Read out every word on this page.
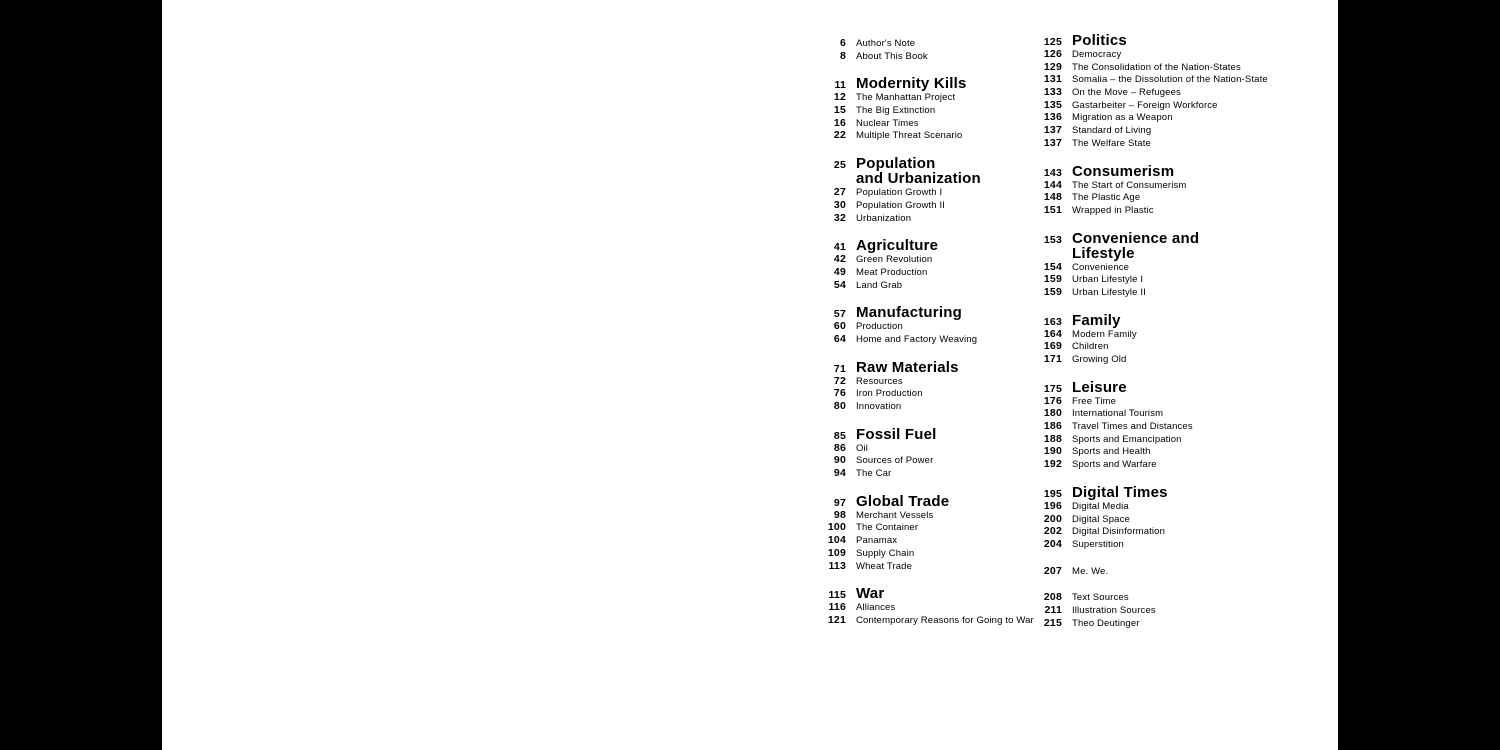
6 Author's Note
8 About This Book
11 Modernity Kills
12 The Manhattan Project
15 The Big Extinction
16 Nuclear Times
22 Multiple Threat Scenario
25 Population
and Urbanization
27 Population Growth I
30 Population Growth II
32 Urbanization
41 Agriculture
42 Green Revolution
49 Meat Production
54 Land Grab
57 Manufacturing
60 Production
64 Home and Factory Weaving
71 Raw Materials
72 Resources
76 Iron Production
80 Innovation
85 Fossil Fuel
86 Oil
90 Sources of Power
94 The Car
97 Global Trade
98 Merchant Vessels
100 The Container
104 Panamax
109 Supply Chain
113 Wheat Trade
115 War
116 Alliances
121 Contemporary Reasons for Going to War
125 Politics
126 Democracy
129 The Consolidation of the Nation-States
131 Somalia – the Dissolution of the Nation-State
133 On the Move – Refugees
135 Gastarbeiter – Foreign Workforce
136 Migration as a Weapon
137 Standard of Living
137 The Welfare State
143 Consumerism
144 The Start of Consumerism
148 The Plastic Age
151 Wrapped in Plastic
153 Convenience and
Lifestyle
154 Convenience
159 Urban Lifestyle I
159 Urban Lifestyle II
163 Family
164 Modern Family
169 Children
171 Growing Old
175 Leisure
176 Free Time
180 International Tourism
186 Travel Times and Distances
188 Sports and Emancipation
190 Sports and Health
192 Sports and Warfare
195 Digital Times
196 Digital Media
200 Digital Space
202 Digital Disinformation
204 Superstition
207 Me. We.
208 Text Sources
211 Illustration Sources
215 Theo Deutinger
